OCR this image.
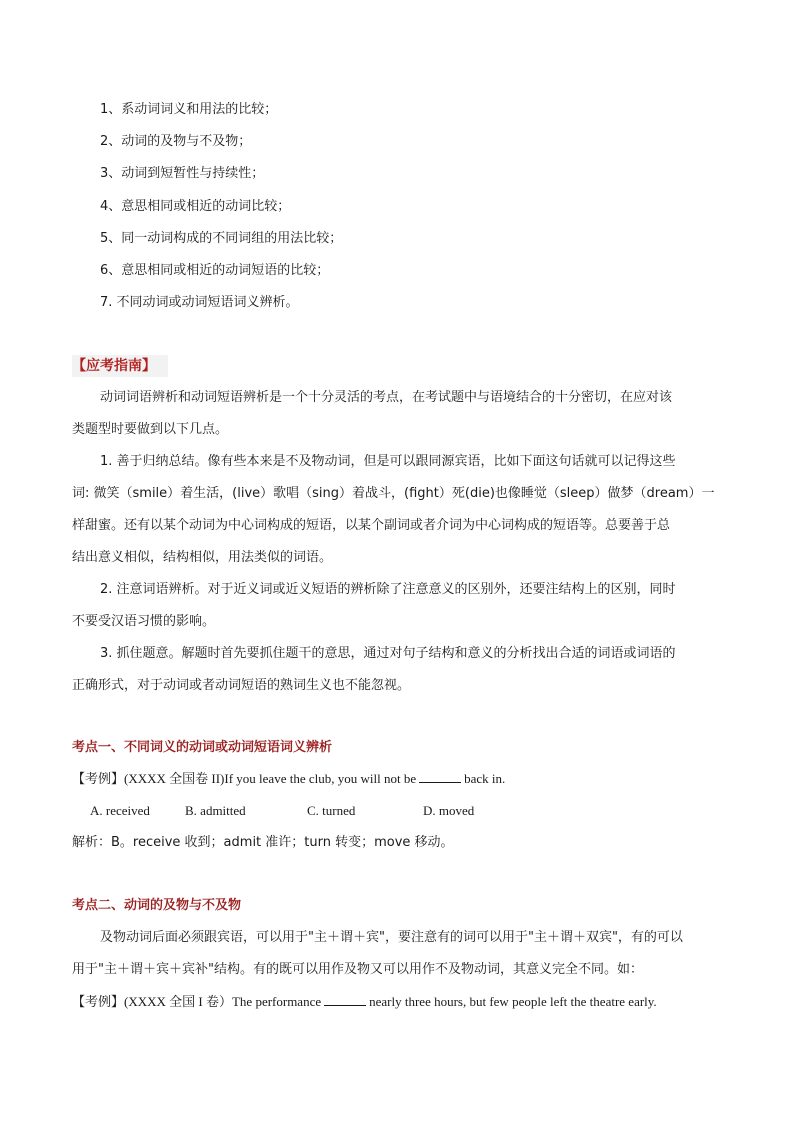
1、系动词词义和用法的比较；
2、动词的及物与不及物；
3、动词到短暂性与持续性；
4、意思相同或相近的动词比较；
5、同一动词构成的不同词组的用法比较；
6、意思相同或相近的动词短语的比较；
7. 不同动词或动词短语词义辨析。
【应考指南】
动词词语辨析和动词短语辨析是一个十分灵活的考点，在考试题中与语境结合的十分密切，在应对该
类题型时要做到以下几点。
1. 善于归纳总结。像有些本来是不及物动词，但是可以跟同源宾语，比如下面这句话就可以记得这些
词: 微笑（smile）着生活，(live）歌唱（sing）着战斗，(fight）死(die)也像睡觉（sleep）做梦（dream）一
样甜蜜。还有以某个动词为中心词构成的短语，以某个副词或者介词为中心词构成的短语等。总要善于总
结出意义相似，结构相似，用法类似的词语。
2. 注意词语辨析。对于近义词或近义短语的辨析除了注意意义的区别外，还要注结构上的区别，同时
不要受汉语习惯的影响。
3. 抓住题意。解题时首先要抓住题干的意思，通过对句子结构和意义的分析找出合适的词语或词语的
正确形式，对于动词或者动词短语的熟词生义也不能忽视。
考点一、不同词义的动词或动词短语词义辨析
【考例】(XXXX 全国卷 II)If you leave the club, you will not be	back in.
A. received	B. admitted	C. turned	D. moved
解析：B。receive 收到；admit 准许；turn 转变；move 移动。
考点二、动词的及物与不及物
及物动词后面必须跟宾语，可以用于"主＋谓＋宾"，要注意有的词可以用于"主＋谓＋双宾"，有的可以
用于"主＋谓＋宾＋宾补"结构。有的既可以用作及物又可以用作不及物动词，其意义完全不同。如：
【考例】(XXXX 全国 I 卷）The performance	nearly three hours, but few people left the theatre early.
